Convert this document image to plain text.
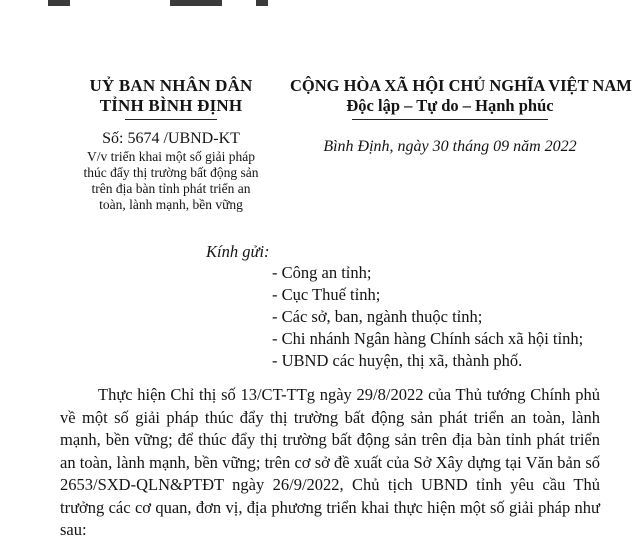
UỶ BAN NHÂN DÂN
TỈNH BÌNH ĐỊNH
Số: 5674 /UBND-KT
V/v triển khai một số giải pháp
thúc đẩy thị trường bất động sản
trên địa bàn tỉnh phát triển an
toàn, lành mạnh, bền vững
CỘNG HÒA XÃ HỘI CHỦ NGHĨA VIỆT NAM
Độc lập – Tự do – Hạnh phúc
Bình Định, ngày 30 tháng 09 năm 2022
Kính gửi:
- Công an tỉnh;
- Cục Thuế tỉnh;
- Các sở, ban, ngành thuộc tỉnh;
- Chi nhánh Ngân hàng Chính sách xã hội tỉnh;
- UBND các huyện, thị xã, thành phố.

Thực hiện Chỉ thị số 13/CT-TTg ngày 29/8/2022 của Thủ tướng Chính phủ về một số giải pháp thúc đẩy thị trường bất động sản phát triển an toàn, lành mạnh, bền vững; để thúc đẩy thị trường bất động sản trên địa bàn tỉnh phát triển an toàn, lành mạnh, bền vững; trên cơ sở đề xuất của Sở Xây dựng tại Văn bản số 2653/SXD-QLN&PTĐT ngày 26/9/2022, Chủ tịch UBND tỉnh yêu cầu Thủ trưởng các cơ quan, đơn vị, địa phương triển khai thực hiện một số giải pháp như sau:
